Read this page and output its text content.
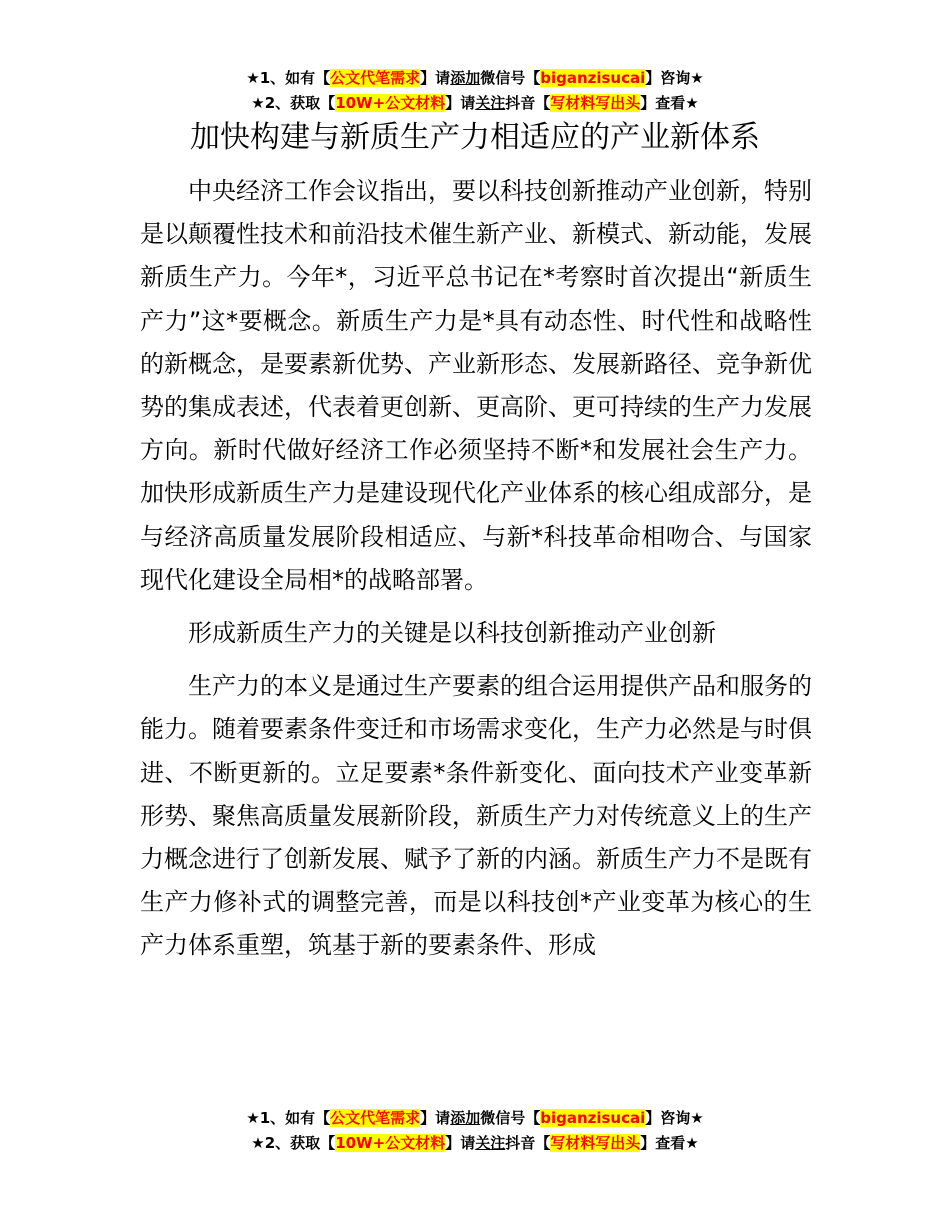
★1、如有【公文代笔需求】请添加微信号【biganzisucai】咨询★
★2、获取【10W+公文材料】请关注抖音【写材料写出头】查看★
加快构建与新质生产力相适应的产业新体系

中央经济工作会议指出，要以科技创新推动产业创新，特别是以颠覆性技术和前沿技术催生新产业、新模式、新动能，发展新质生产力。今年*，习近平总书记在*考察时首次提出“新质生产力”这*要概念。新质生产力是*具有动态性、时代性和战略性的新概念，是要素新优势、产业新形态、发展新路径、竞争新优势的集成表述，代表着更创新、更高阶、更可持续的生产力发展方向。新时代做好经济工作必须坚持不断*和发展社会生产力。加快形成新质生产力是建设现代化产业体系的核心组成部分，是与经济高质量发展阶段相适应、与新*科技革命相吻合、与国家现代化建设全局相*的战略部署。

形成新质生产力的关键是以科技创新推动产业创新

生产力的本义是通过生产要素的组合运用提供产品和服务的能力。随着要素条件变迁和市场需求变化，生产力必然是与时俱进、不断更新的。立足要素*条件新变化、面向技术产业变革新形势、聚焦高质量发展新阶段，新质生产力对传统意义上的生产力概念进行了创新发展、赋予了新的内涵。新质生产力不是既有生产力修补式的调整完善，而是以科技创*产业变革为核心的生产力体系重塑，筑基于新的要素条件、形成

★1、如有【公文代笔需求】请添加微信号【biganzisucai】咨询★
★2、获取【10W+公文材料】请关注抖音【写材料写出头】查看★
